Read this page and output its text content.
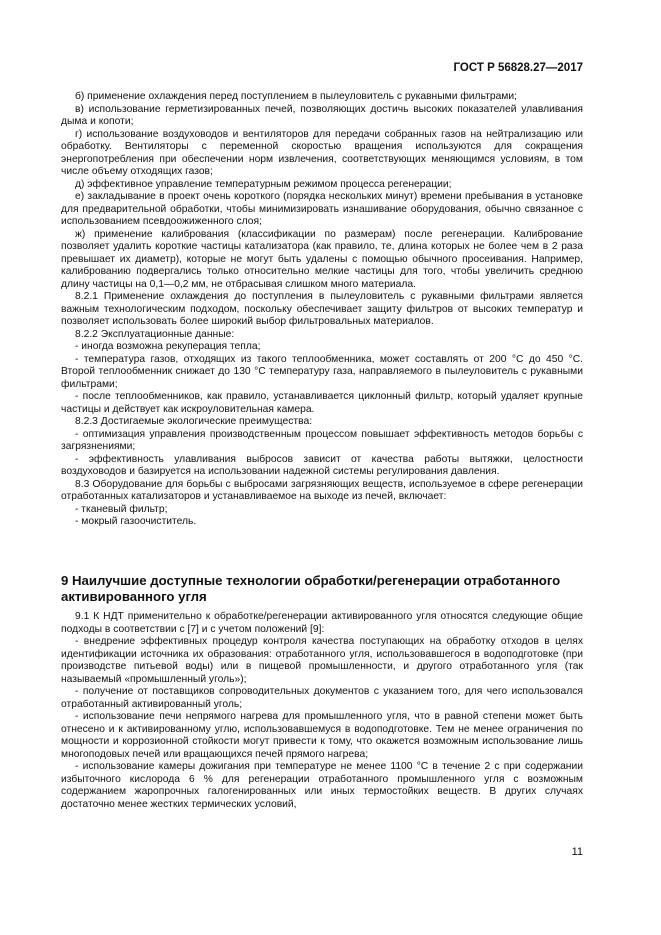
ГОСТ Р 56828.27—2017

б) применение охлаждения перед поступлением в пылеуловитель с рукавными фильтрами;

в) использование герметизированных печей, позволяющих достичь высоких показателей улавливания дыма и копоти;

г) использование воздуховодов и вентиляторов для передачи собранных газов на нейтрализацию или обработку. Вентиляторы с переменной скоростью вращения используются для сокращения энергопотребления при обеспечении норм извлечения, соответствующих меняющимся условиям, в том числе объему отходящих газов;

д) эффективное управление температурным режимом процесса регенерации;

е) закладывание в проект очень короткого (порядка нескольких минут) времени пребывания в установке для предварительной обработки, чтобы минимизировать изнашивание оборудования, обычно связанное с использованием псевдоожиженного слоя;

ж) применение калибрования (классификации по размерам) после регенерации. Калибрование позволяет удалить короткие частицы катализатора (как правило, те, длина которых не более чем в 2 раза превышает их диаметр), которые не могут быть удалены с помощью обычного просеивания. Например, калиброванию подвергались только относительно мелкие частицы для того, чтобы увеличить среднюю длину частицы на 0,1—0,2 мм, не отбрасывая слишком много материала.

8.2.1 Применение охлаждения до поступления в пылеуловитель с рукавными фильтрами является важным технологическим подходом, поскольку обеспечивает защиту фильтров от высоких температур и позволяет использовать более широкий выбор фильтровальных материалов.

8.2.2 Эксплуатационные данные:

- иногда возможна рекуперация тепла;

- температура газов, отходящих из такого теплообменника, может составлять от 200 °С до 450 °С. Второй теплообменник снижает до 130 °С температуру газа, направляемого в пылеуловитель с рукавными фильтрами;

- после теплообменников, как правило, устанавливается циклонный фильтр, который удаляет крупные частицы и действует как искроуловительная камера.

8.2.3 Достигаемые экологические преимущества:

- оптимизация управления производственным процессом повышает эффективность методов борьбы с загрязнениями;

- эффективность улавливания выбросов зависит от качества работы вытяжки, целостности воздуховодов и базируется на использовании надежной системы регулирования давления.

8.3 Оборудование для борьбы с выбросами загрязняющих веществ, используемое в сфере регенерации отработанных катализаторов и устанавливаемое на выходе из печей, включает:

- тканевый фильтр;

- мокрый газоочиститель.

9 Наилучшие доступные технологии обработки/регенерации отработанного
активированного угля

9.1 К НДТ применительно к обработке/регенерации активированного угля относятся следующие общие подходы в соответствии с [7] и с учетом положений [9]:

- внедрение эффективных процедур контроля качества поступающих на обработку отходов в целях идентификации источника их образования: отработанного угля, использовавшегося в водоподготовке (при производстве питьевой воды) или в пищевой промышленности, и другого отработанного угля (так называемый «промышленный уголь»);

- получение от поставщиков сопроводительных документов с указанием того, для чего использовался отработанный активированный уголь;

- использование печи непрямого нагрева для промышленного угля, что в равной степени может быть отнесено и к активированному углю, использовавшемуся в водоподготовке. Тем не менее ограничения по мощности и коррозионной стойкости могут привести к тому, что окажется возможным использование лишь многоподовых печей или вращающихся печей прямого нагрева;

- использование камеры дожигания при температуре не менее 1100 °С в течение 2 с при содержании избыточного кислорода 6 % для регенерации отработанного промышленного угля с возможным содержанием жаропрочных галогенированных или иных термостойких веществ. В других случаях достаточно менее жестких термических условий,

11
